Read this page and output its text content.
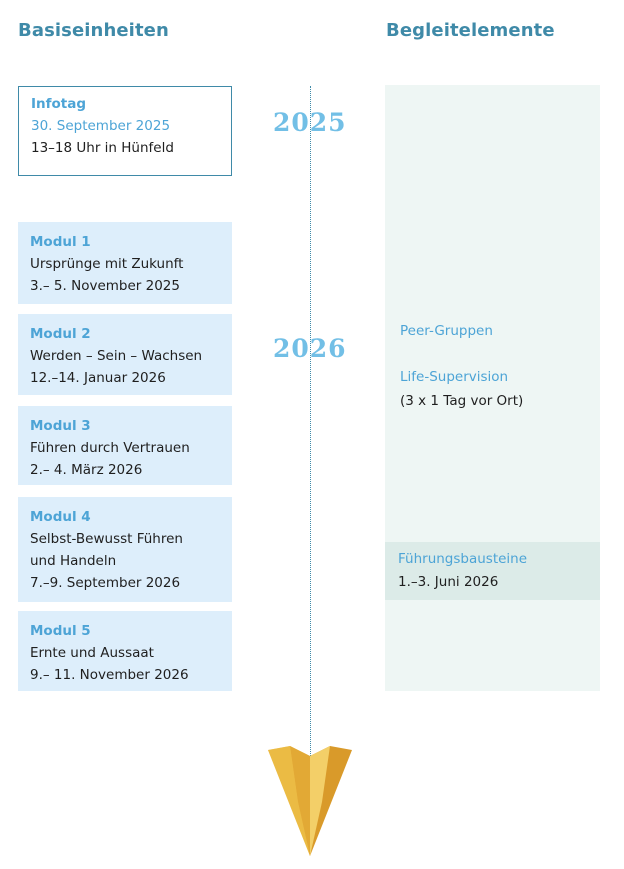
Basiseinheiten	Begleitelemente
2025
2026
Infotag
30. September 2025
13–18 Uhr in Hünfeld
Modul 1
Ursprünge mit Zukunft
3.– 5. November 2025
Modul 2
Werden – Sein – Wachsen
12.–14. Januar 2026
Modul 3
Führen durch Vertrauen
2.– 4. März 2026
Modul 4
Selbst-Bewusst Führen
und Handeln
7.–9. September 2026
Modul 5
Ernte und Aussaat
9.– 11. November 2026
Peer-Gruppen
Life-Supervision
(3 x 1 Tag vor Ort)
Führungsbausteine
1.–3. Juni 2026
